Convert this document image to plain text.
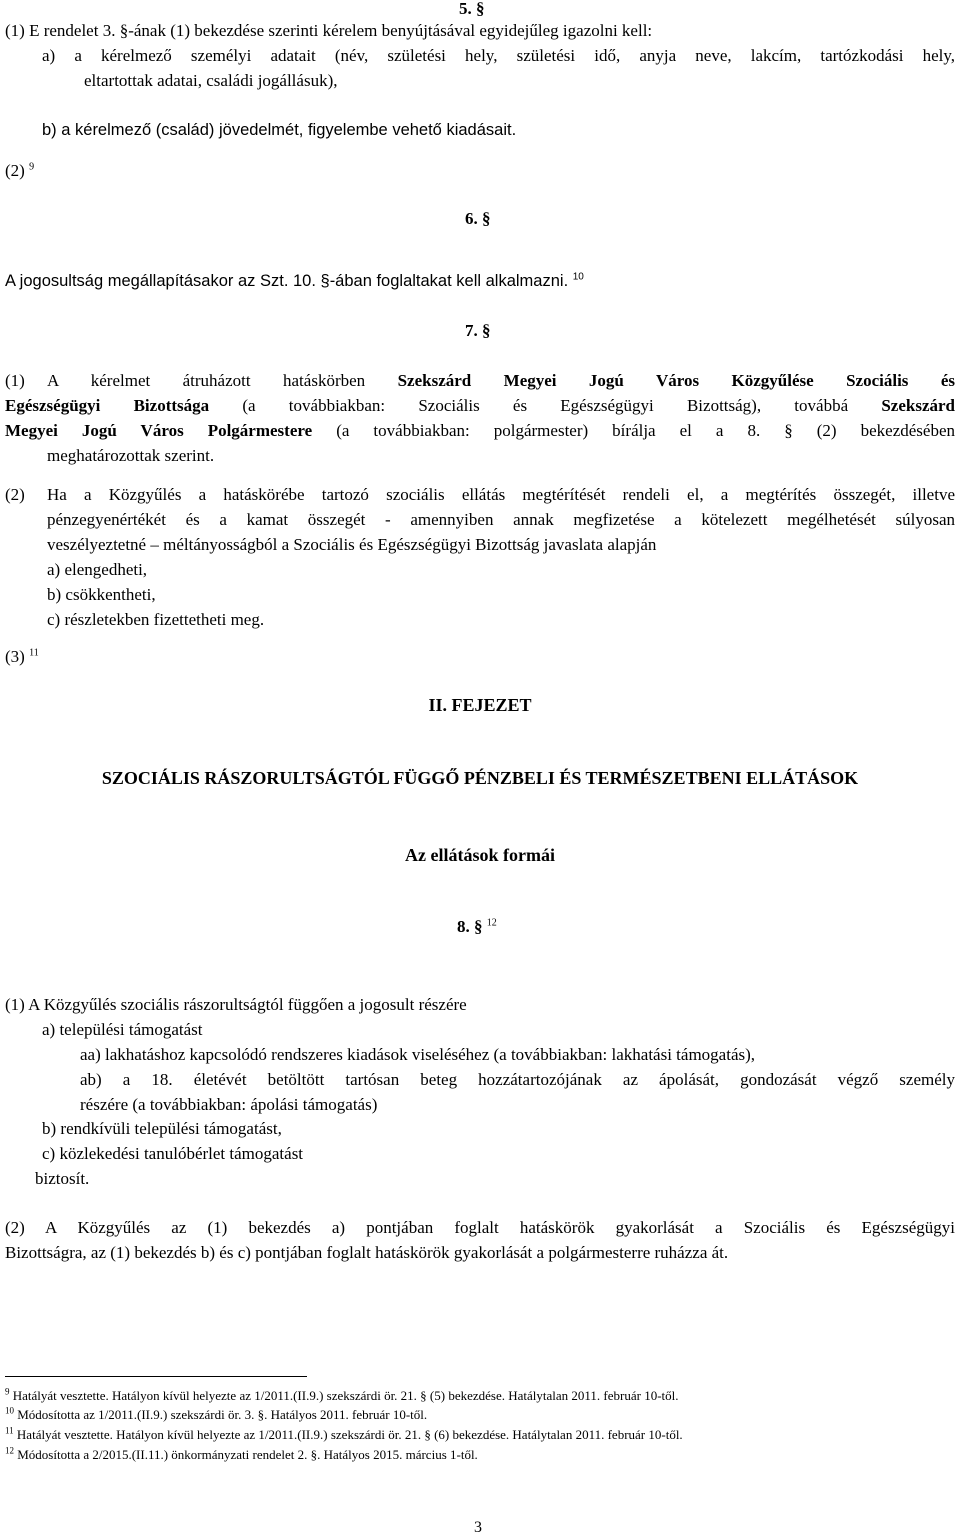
5. §
(1) E rendelet 3. §-ának (1) bekezdése szerinti kérelem benyújtásával egyidejűleg igazolni kell:
a) a kérelmező személyi adatait (név, születési hely, születési idő, anyja neve, lakcím, tartózkodási hely,
eltartottak adatai, családi jogállásuk),
b) a kérelmező (család) jövedelmét, figyelembe vehető kiadásait.
(2) $^9$
6. §
A jogosultság megállapításakor az Szt. 10. §-ában foglaltakat kell alkalmazni. $^{10}$
7. §
(1) A kérelmet átruházott hatáskörben Szekszárd Megyei Jogú Város Közgyűlése Szociális és
Egészségügyi Bizottsága (a továbbiakban: Szociális és Egészségügyi Bizottság), továbbá Szekszárd
Megyei Jogú Város Polgármestere (a továbbiakban: polgármester) bírálja el a 8. § (2) bekezdésében
meghatározottak szerint.
(2) Ha a Közgyűlés a hatáskörébe tartozó szociális ellátás megtérítését rendeli el, a megtérítés összegét, illetve
pénzegyenértékét és a kamat összegét - amennyiben annak megfizetése a kötelezett megélhetését súlyosan
veszélyeztetné – méltányosságból a Szociális és Egészségügyi Bizottság javaslata alapján
a) elengedheti,
b) csökkentheti,
c) részletekben fizettetheti meg.
(3) $^{11}$
II. FEJEZET
SZOCIÁLIS RÁSZORULTSÁGTÓL FÜGGŐ PÉNZBELI ÉS TERMÉSZETBENI ELLÁTÁSOK
Az ellátások formái
8. § $^{12}$
(1) A Közgyűlés szociális rászorultságtól függően a jogosult részére
a) települési támogatást
aa) lakhatáshoz kapcsolódó rendszeres kiadások viseléséhez (a továbbiakban: lakhatási támogatás),
ab) a 18. életévét betöltött tartósan beteg hozzátartozójának az ápolását, gondozását végző személy
részére (a továbbiakban: ápolási támogatás)
b) rendkívüli települési támogatást,
c) közlekedési tanulóbérlet támogatást
biztosít.
(2) A Közgyűlés az (1) bekezdés a) pontjában foglalt hatáskörök gyakorlását a Szociális és Egészségügyi
Bizottságra, az (1) bekezdés b) és c) pontjában foglalt hatáskörök gyakorlását a polgármesterre ruházza át.
$^9$ Hatályát vesztette. Hatályon kívül helyezte az 1/2011.(II.9.) szekszárdi ör. 21. § (5) bekezdése. Hatálytalan 2011. február 10-től.
$^{10}$ Módosította az 1/2011.(II.9.) szekszárdi ör. 3. §. Hatályos 2011. február 10-től.
$^{11}$ Hatályát vesztette. Hatályon kívül helyezte az 1/2011.(II.9.) szekszárdi ör. 21. § (6) bekezdése. Hatálytalan 2011. február 10-től.
$^{12}$ Módosította a 2/2015.(II.11.) önkormányzati rendelet 2. §. Hatályos 2015. március 1-től.
3
